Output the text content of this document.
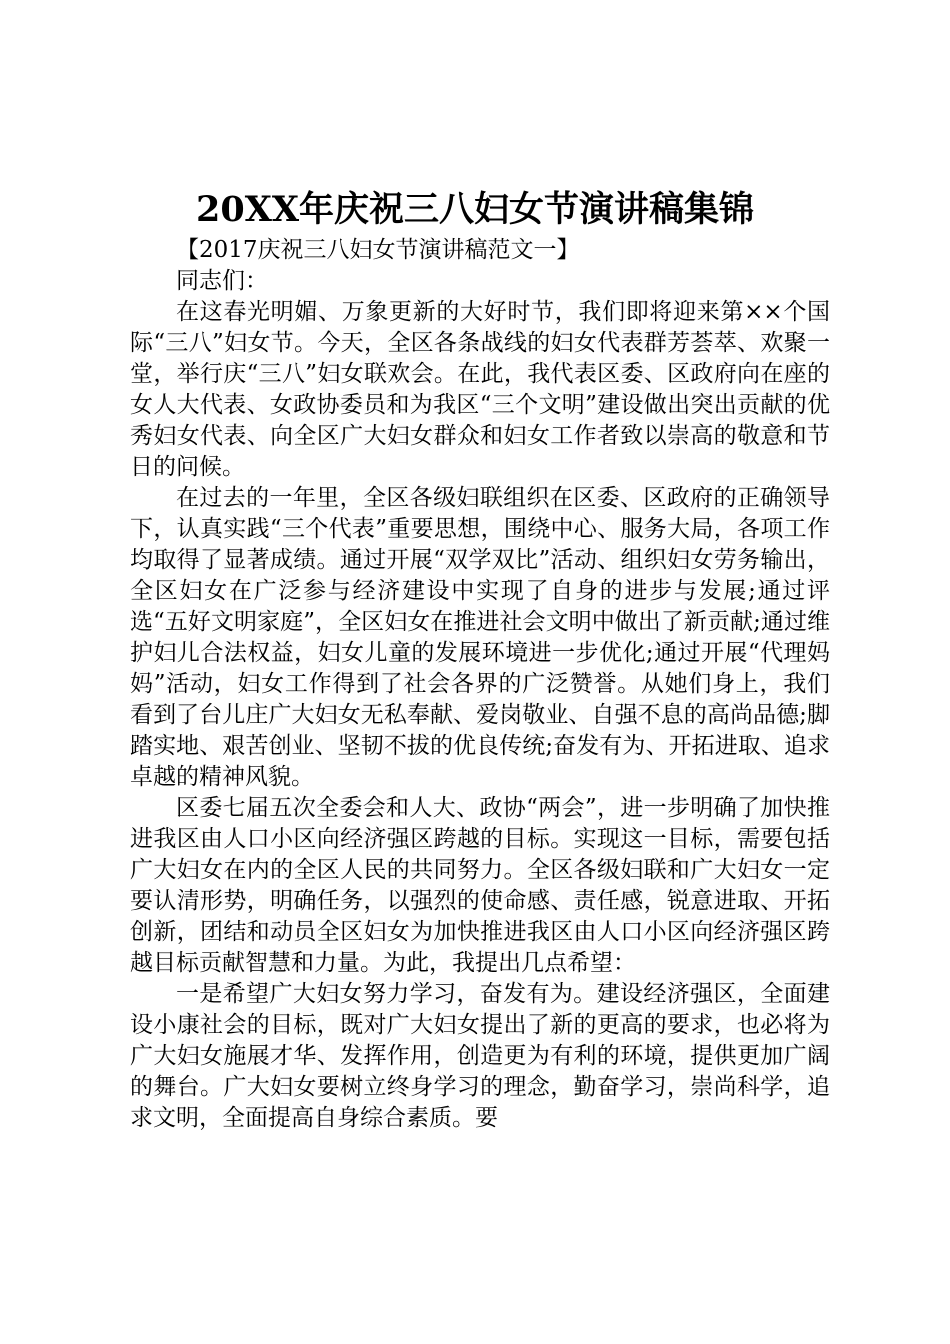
20XX年庆祝三八妇女节演讲稿集锦

【2017庆祝三八妇女节演讲稿范文一】

同志们：

在这春光明媚、万象更新的大好时节，我们即将迎来第××个国际“三八”妇女节。今天，全区各条战线的妇女代表群芳荟萃、欢聚一堂，举行庆“三八”妇女联欢会。在此，我代表区委、区政府向在座的女人大代表、女政协委员和为我区“三个文明”建设做出突出贡献的优秀妇女代表、向全区广大妇女群众和妇女工作者致以崇高的敬意和节日的问候。

在过去的一年里，全区各级妇联组织在区委、区政府的正确领导下，认真实践“三个代表”重要思想，围绕中心、服务大局，各项工作均取得了显著成绩。通过开展“双学双比”活动、组织妇女劳务输出，全区妇女在广泛参与经济建设中实现了自身的进步与发展;通过评选“五好文明家庭”，全区妇女在推进社会文明中做出了新贡献;通过维护妇儿合法权益，妇女儿童的发展环境进一步优化;通过开展“代理妈妈”活动，妇女工作得到了社会各界的广泛赞誉。从她们身上，我们看到了台儿庄广大妇女无私奉献、爱岗敬业、自强不息的高尚品德;脚踏实地、艰苦创业、坚韧不拔的优良传统;奋发有为、开拓进取、追求卓越的精神风貌。

区委七届五次全委会和人大、政协“两会”，进一步明确了加快推进我区由人口小区向经济强区跨越的目标。实现这一目标，需要包括广大妇女在内的全区人民的共同努力。全区各级妇联和广大妇女一定要认清形势，明确任务，以强烈的使命感、责任感，锐意进取、开拓创新，团结和动员全区妇女为加快推进我区由人口小区向经济强区跨越目标贡献智慧和力量。为此，我提出几点希望：

一是希望广大妇女努力学习，奋发有为。建设经济强区，全面建设小康社会的目标，既对广大妇女提出了新的更高的要求，也必将为广大妇女施展才华、发挥作用，创造更为有利的环境，提供更加广阔的舞台。广大妇女要树立终身学习的理念，勤奋学习，崇尚科学，追求文明，全面提高自身综合素质。要
